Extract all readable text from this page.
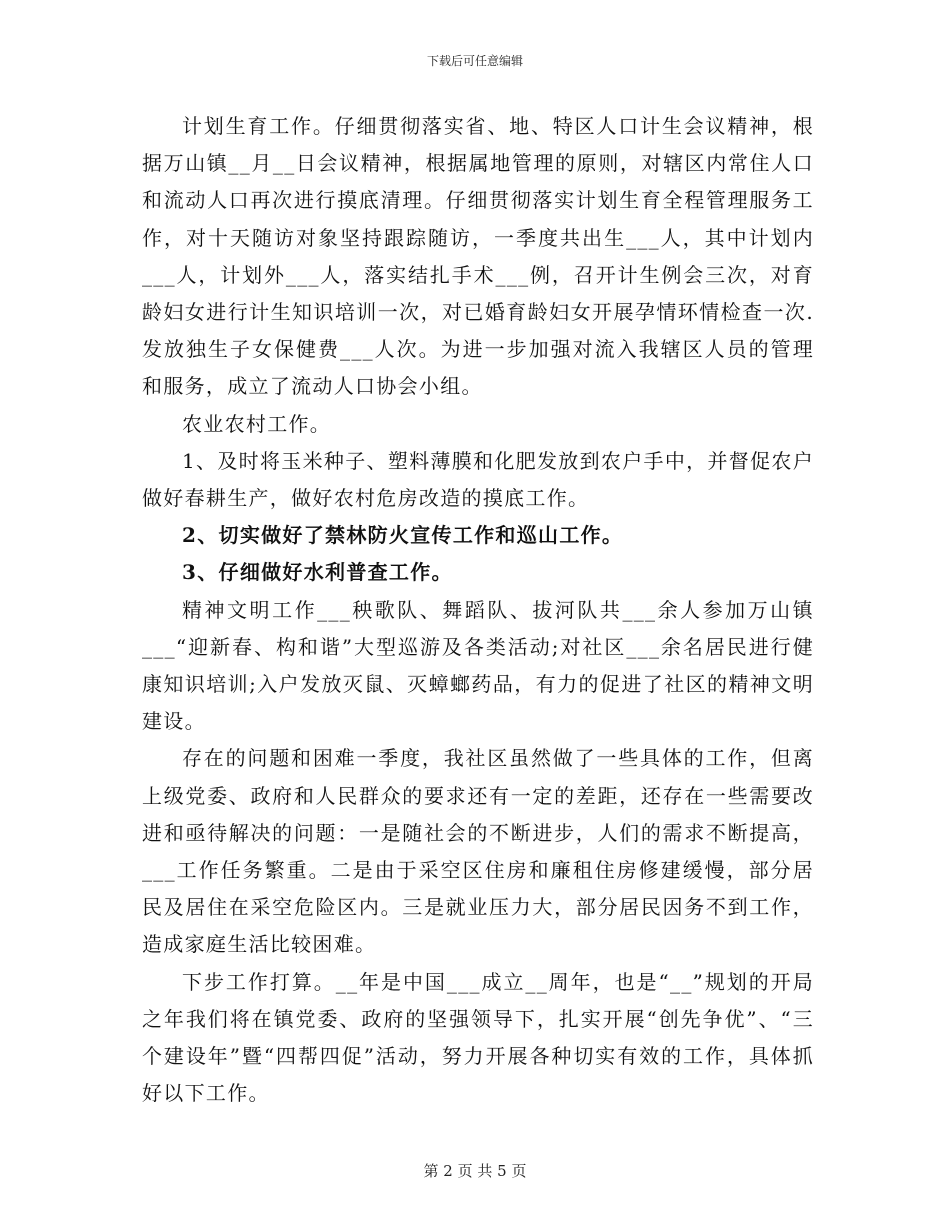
下载后可任意编辑

计划生育工作。仔细贯彻落实省、地、特区人口计生会议精神，根据万山镇__月__日会议精神，根据属地管理的原则，对辖区内常住人口和流动人口再次进行摸底清理。仔细贯彻落实计划生育全程管理服务工作，对十天随访对象坚持跟踪随访，一季度共出生___人，其中计划内___人，计划外___人，落实结扎手术___例，召开计生例会三次，对育龄妇女进行计生知识培训一次，对已婚育龄妇女开展孕情环情检查一次.发放独生子女保健费___人次。为进一步加强对流入我辖区人员的管理和服务，成立了流动人口协会小组。

农业农村工作。

1、及时将玉米种子、塑料薄膜和化肥发放到农户手中，并督促农户做好春耕生产，做好农村危房改造的摸底工作。

2、切实做好了禁林防火宣传工作和巡山工作。

3、仔细做好水利普查工作。

精神文明工作___秧歌队、舞蹈队、拔河队共___余人参加万山镇___“迎新春、构和谐”大型巡游及各类活动;对社区___余名居民进行健康知识培训;入户发放灭鼠、灭蟑螂药品，有力的促进了社区的精神文明建设。

存在的问题和困难一季度，我社区虽然做了一些具体的工作，但离上级党委、政府和人民群众的要求还有一定的差距，还存在一些需要改进和亟待解决的问题：一是随社会的不断进步，人们的需求不断提高，___工作任务繁重。二是由于采空区住房和廉租住房修建缓慢，部分居民及居住在采空危险区内。三是就业压力大，部分居民因务不到工作，造成家庭生活比较困难。

下步工作打算。__年是中国___成立__周年，也是“__”规划的开局之年我们将在镇党委、政府的坚强领导下，扎实开展“创先争优”、“三个建设年”暨“四帮四促”活动，努力开展各种切实有效的工作，具体抓好以下工作。

第 2 页 共 5 页
